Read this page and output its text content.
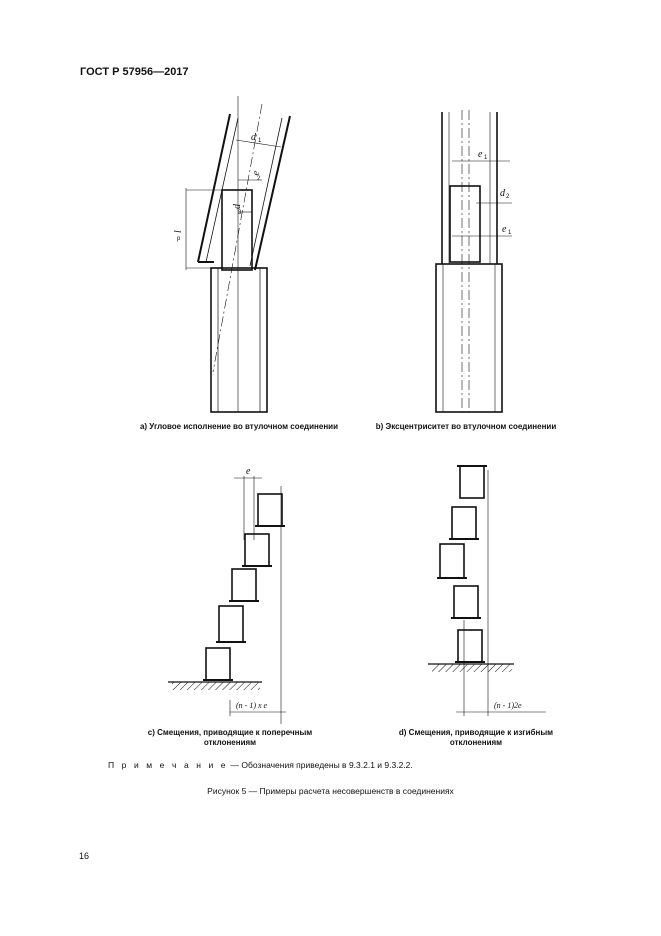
ГОСТ Р 57956—2017
d 1
e
2
d
3
l
p
e 1
d 2
e 1
e
(n - 1) x e	(n - 1)2e
а) Угловое исполнение во втулочном соединении	b) Эксцентриситет во втулочном соединении
с) Смещения, приводящие к поперечным
отклонениям
d) Смещения, приводящие к изгибным
отклонениям
П р и м е ч а н и е — Обозначения приведены в 9.3.2.1 и 9.3.2.2.
Рисунок 5 — Примеры расчета несовершенств в соединениях
16
